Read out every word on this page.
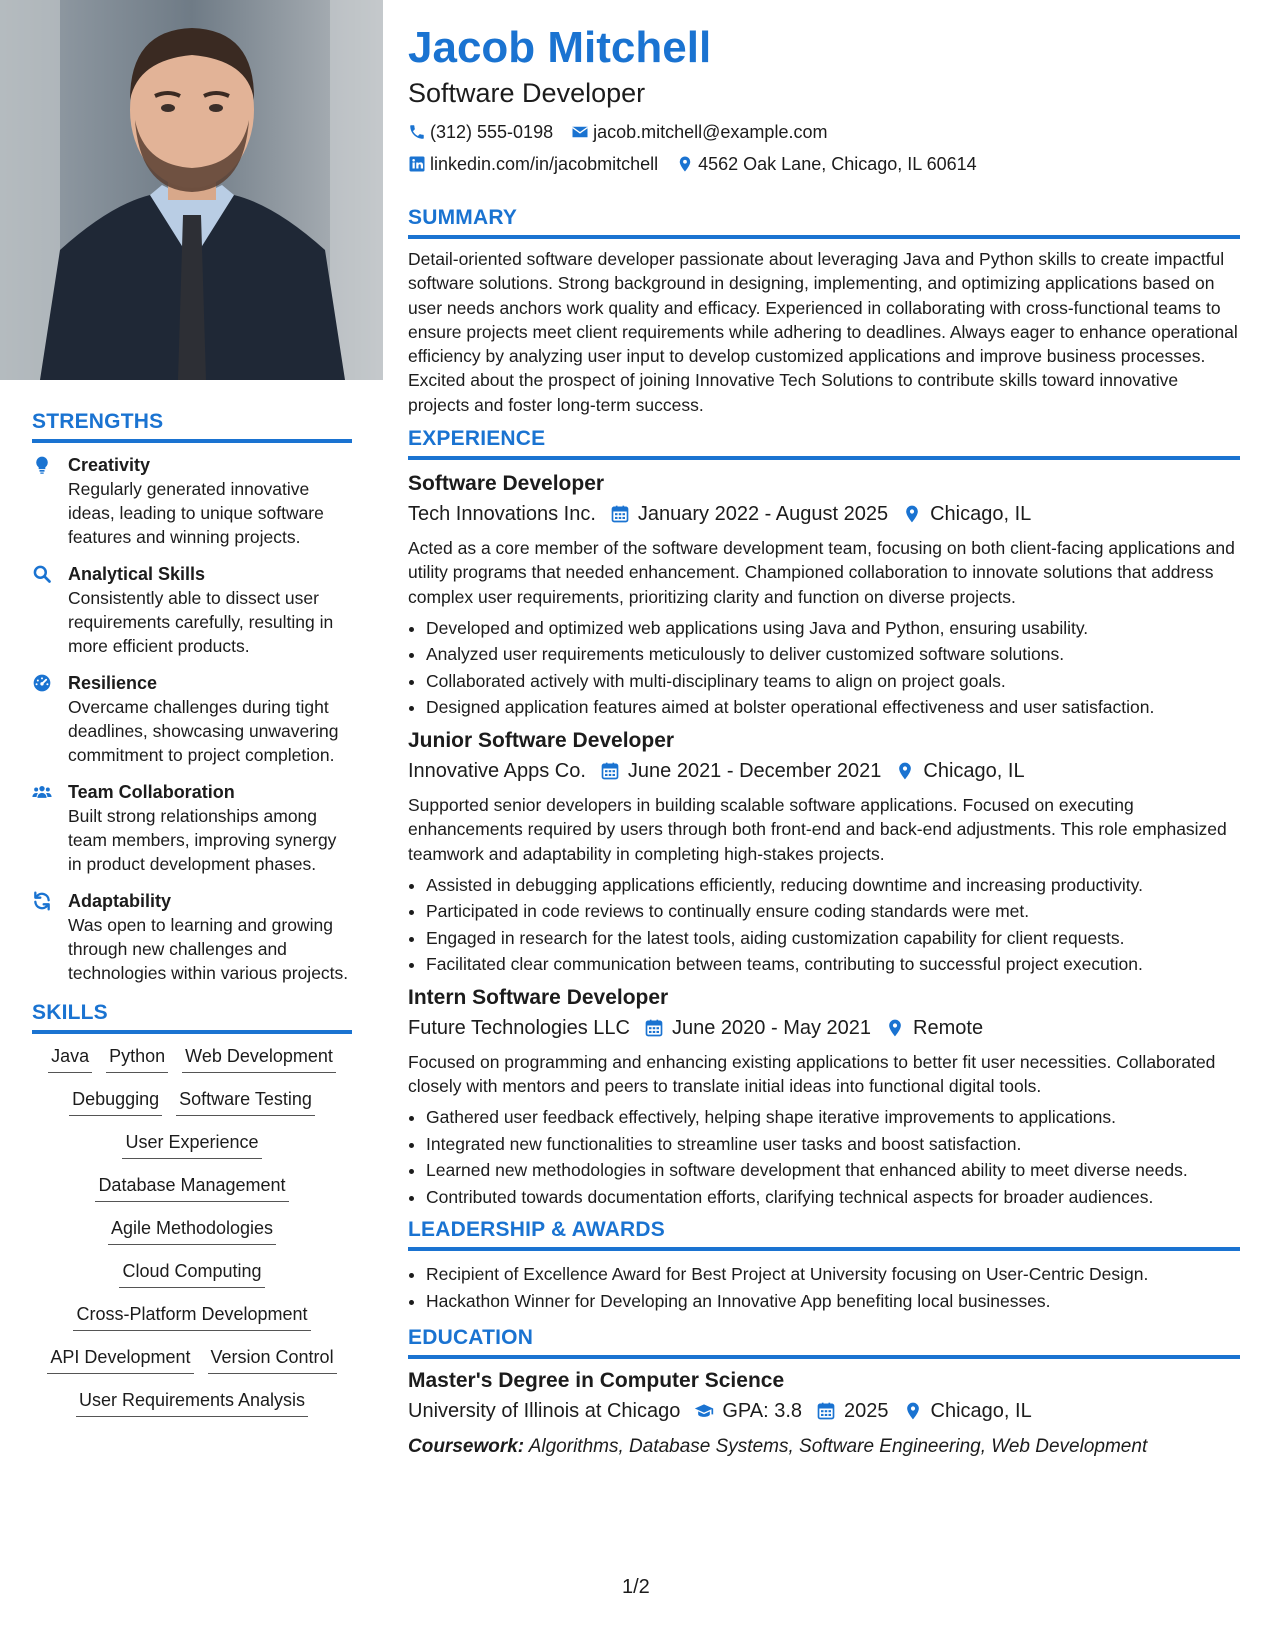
STRENGTHS
Creativity
Regularly generated innovative ideas, leading to unique software features and winning projects.
Analytical Skills
Consistently able to dissect user requirements carefully, resulting in more efficient products.
Resilience
Overcame challenges during tight deadlines, showcasing unwavering commitment to project completion.
Team Collaboration
Built strong relationships among team members, improving synergy in product development phases.
Adaptability
Was open to learning and growing through new challenges and technologies within various projects.
SKILLS
Java Python Web Development
Debugging Software Testing
User Experience
Database Management
Agile Methodologies
Cloud Computing
Cross-Platform Development
API Development Version Control
User Requirements Analysis
Jacob Mitchell
Software Developer
(312) 555-0198 jacob.mitchell@example.com
linkedin.com/in/jacobmitchell 4562 Oak Lane, Chicago, IL 60614
SUMMARY

Detail-oriented software developer passionate about leveraging Java and Python skills to create impactful software solutions. Strong background in designing, implementing, and optimizing applications based on user needs anchors work quality and efficacy. Experienced in collaborating with cross-functional teams to ensure projects meet client requirements while adhering to deadlines. Always eager to enhance operational efficiency by analyzing user input to develop customized applications and improve business processes. Excited about the prospect of joining Innovative Tech Solutions to contribute skills toward innovative projects and foster long-term success.

EXPERIENCE
Software Developer
Tech Innovations Inc. January 2022 - August 2025 Chicago, IL

Acted as a core member of the software development team, focusing on both client-facing applications and utility programs that needed enhancement. Championed collaboration to innovate solutions that address complex user requirements, prioritizing clarity and function on diverse projects.

• Developed and optimized web applications using Java and Python, ensuring usability.
• Analyzed user requirements meticulously to deliver customized software solutions.
• Collaborated actively with multi-disciplinary teams to align on project goals.
• Designed application features aimed at bolster operational effectiveness and user satisfaction.
Junior Software Developer
Innovative Apps Co. June 2021 - December 2021 Chicago, IL

Supported senior developers in building scalable software applications. Focused on executing enhancements required by users through both front-end and back-end adjustments. This role emphasized teamwork and adaptability in completing high-stakes projects.

• Assisted in debugging applications efficiently, reducing downtime and increasing productivity.
• Participated in code reviews to continually ensure coding standards were met.
• Engaged in research for the latest tools, aiding customization capability for client requests.
• Facilitated clear communication between teams, contributing to successful project execution.
Intern Software Developer
Future Technologies LLC June 2020 - May 2021 Remote

Focused on programming and enhancing existing applications to better fit user necessities. Collaborated closely with mentors and peers to translate initial ideas into functional digital tools.

• Gathered user feedback effectively, helping shape iterative improvements to applications.
• Integrated new functionalities to streamline user tasks and boost satisfaction.
• Learned new methodologies in software development that enhanced ability to meet diverse needs.
• Contributed towards documentation efforts, clarifying technical aspects for broader audiences.
LEADERSHIP & AWARDS
• Recipient of Excellence Award for Best Project at University focusing on User-Centric Design.
• Hackathon Winner for Developing an Innovative App benefiting local businesses.
EDUCATION
Master's Degree in Computer Science
University of Illinois at Chicago GPA: 3.8 2025 Chicago, IL
Coursework: Algorithms, Database Systems, Software Engineering, Web Development
1/2
